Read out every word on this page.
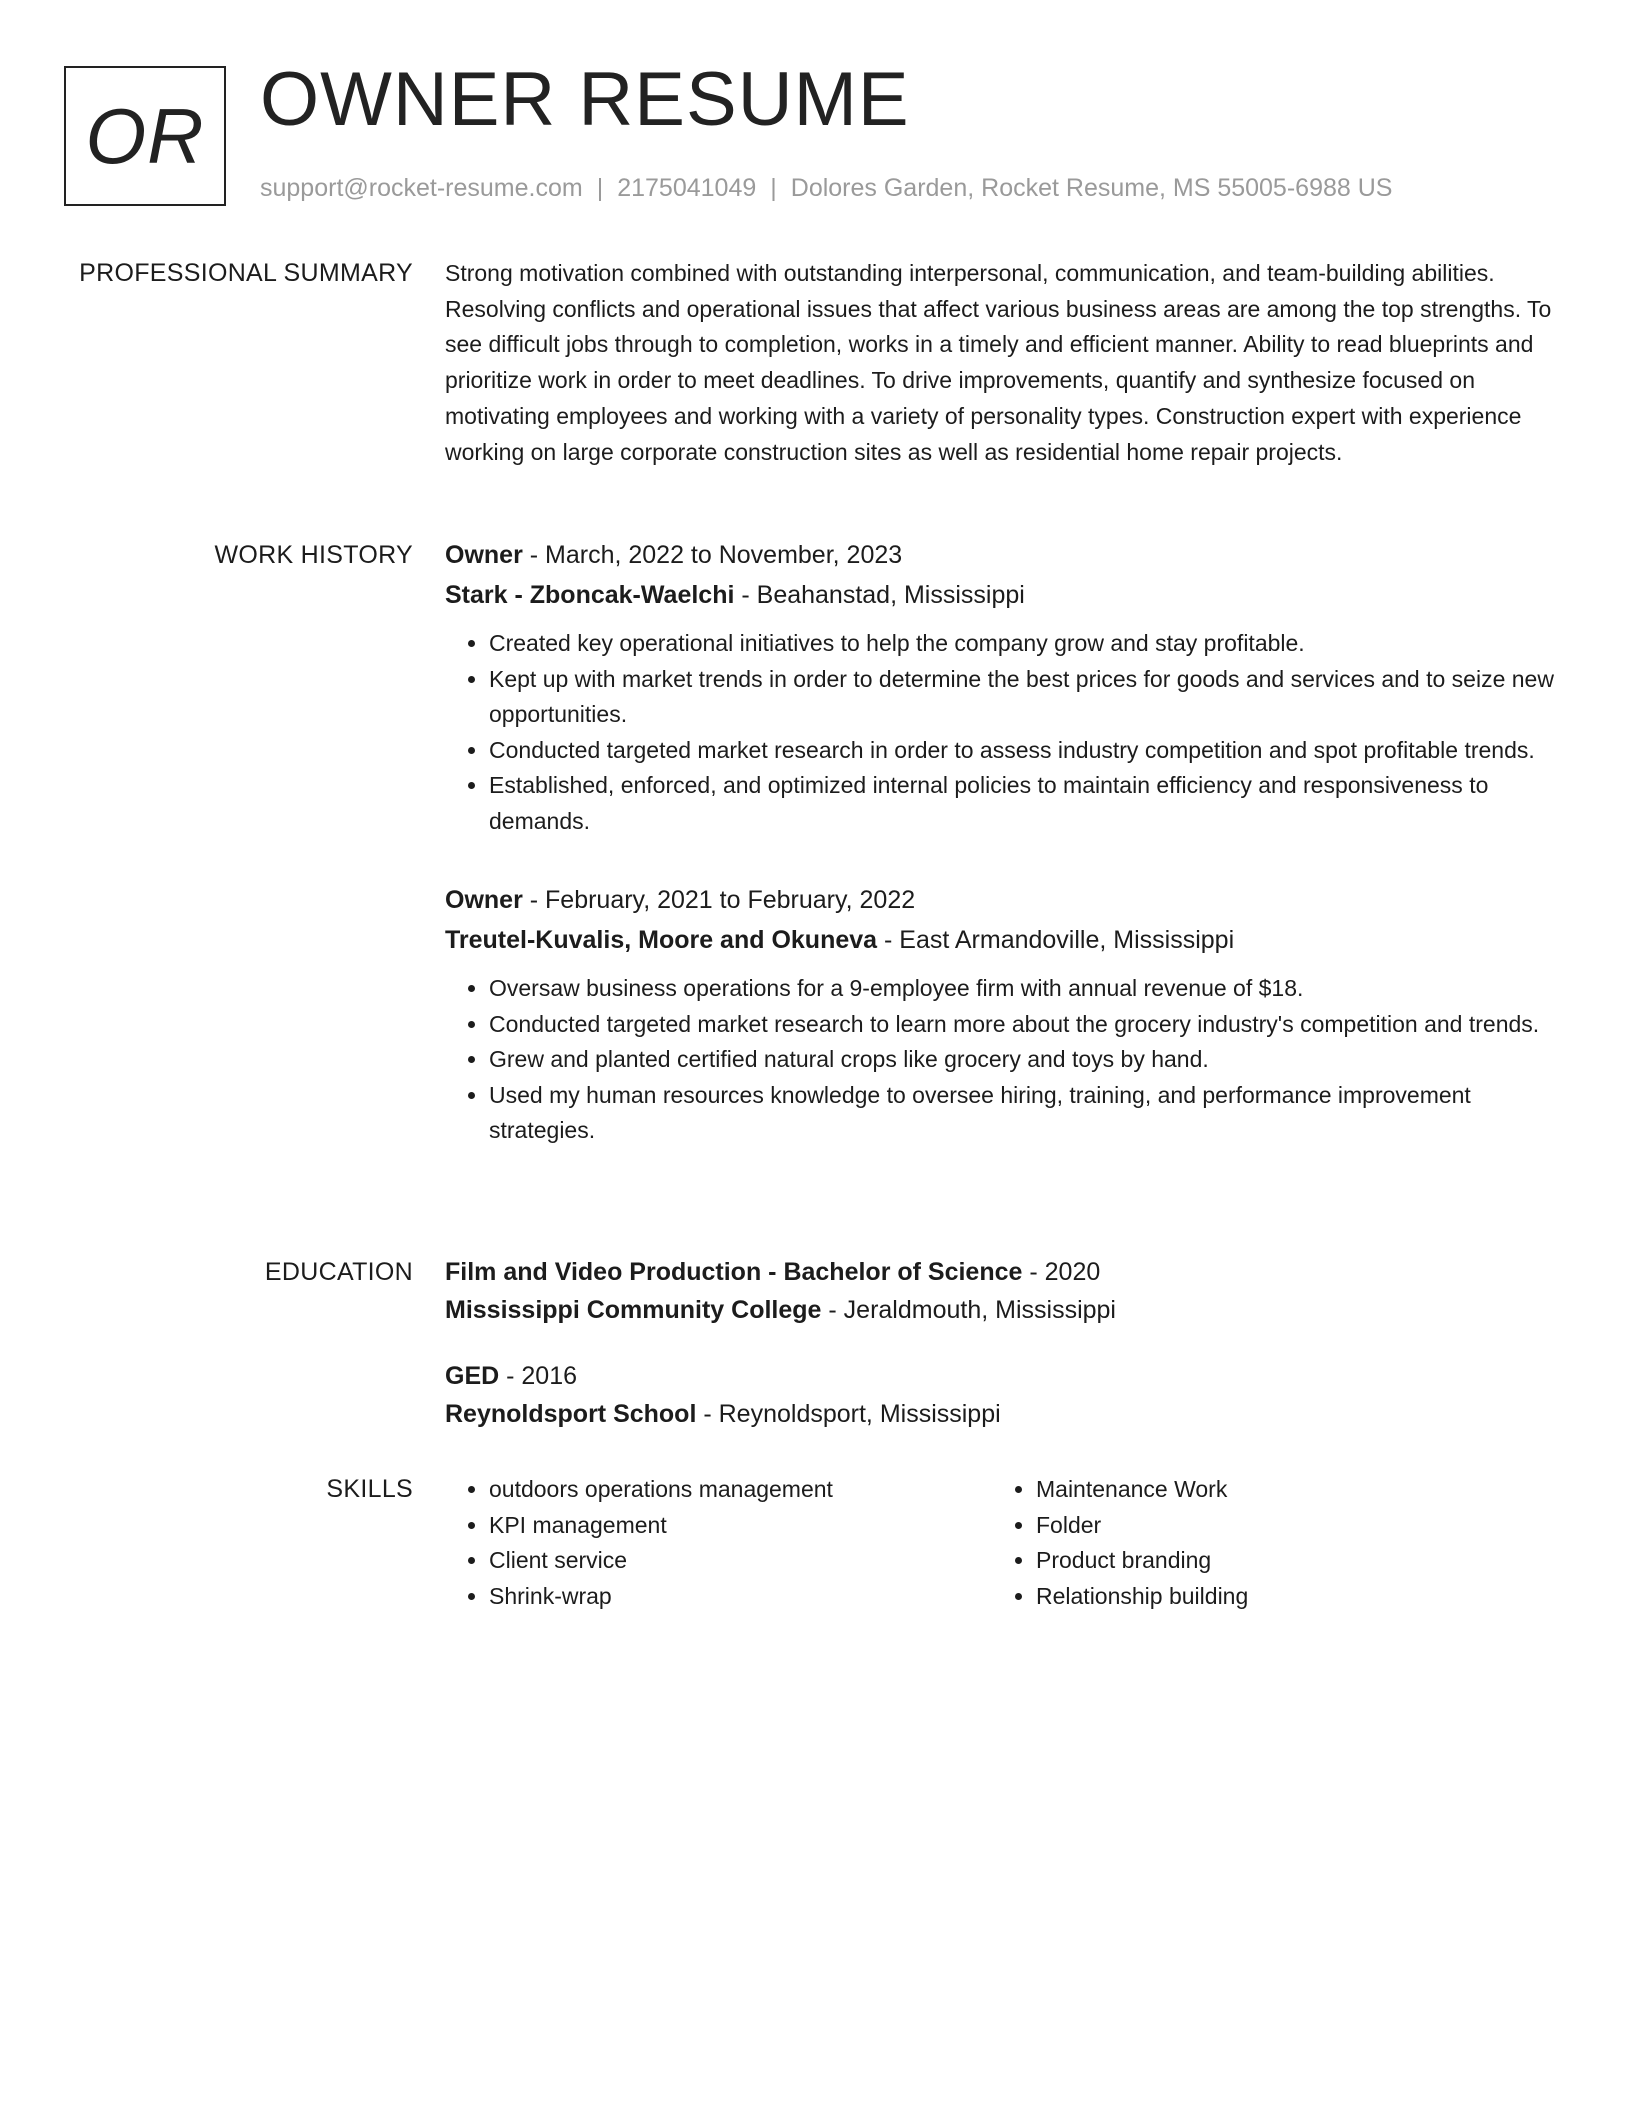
OR OWNER RESUME
support@rocket-resume.com | 2175041049 | Dolores Garden, Rocket Resume, MS 55005-6988 US
PROFESSIONAL SUMMARY Strong motivation combined with outstanding interpersonal, communication, and team-building abilities. Resolving conflicts and operational issues that affect various business areas are among the top strengths. To see difficult jobs through to completion, works in a timely and efficient manner. Ability to read blueprints and prioritize work in order to meet deadlines. To drive improvements, quantify and synthesize focused on motivating employees and working with a variety of personality types. Construction expert with experience working on large corporate construction sites as well as residential home repair projects.

WORK HISTORY Owner - March, 2022 to November, 2023

Stark - Zboncak-Waelchi - Beahanstad, Mississippi

• Created key operational initiatives to help the company grow and stay profitable.
• Kept up with market trends in order to determine the best prices for goods and services and to seize new opportunities.
• Conducted targeted market research in order to assess industry competition and spot profitable trends.
• Established, enforced, and optimized internal policies to maintain efficiency and responsiveness to demands.

Owner - February, 2021 to February, 2022

Treutel-Kuvalis, Moore and Okuneva - East Armandoville, Mississippi

• Oversaw business operations for a 9-employee firm with annual revenue of $18.
• Conducted targeted market research to learn more about the grocery industry's competition and trends.
• Grew and planted certified natural crops like grocery and toys by hand.
• Used my human resources knowledge to oversee hiring, training, and performance improvement strategies.
EDUCATION Film and Video Production - Bachelor of Science - 2020

Mississippi Community College - Jeraldmouth, Mississippi

GED - 2016

Reynoldsport School - Reynoldsport, Mississippi

SKILLS
•	outdoors operations management
• KPI management
• Client service
• Shrink-wrap
• Maintenance Work
• Folder
• Product branding
• Relationship building
